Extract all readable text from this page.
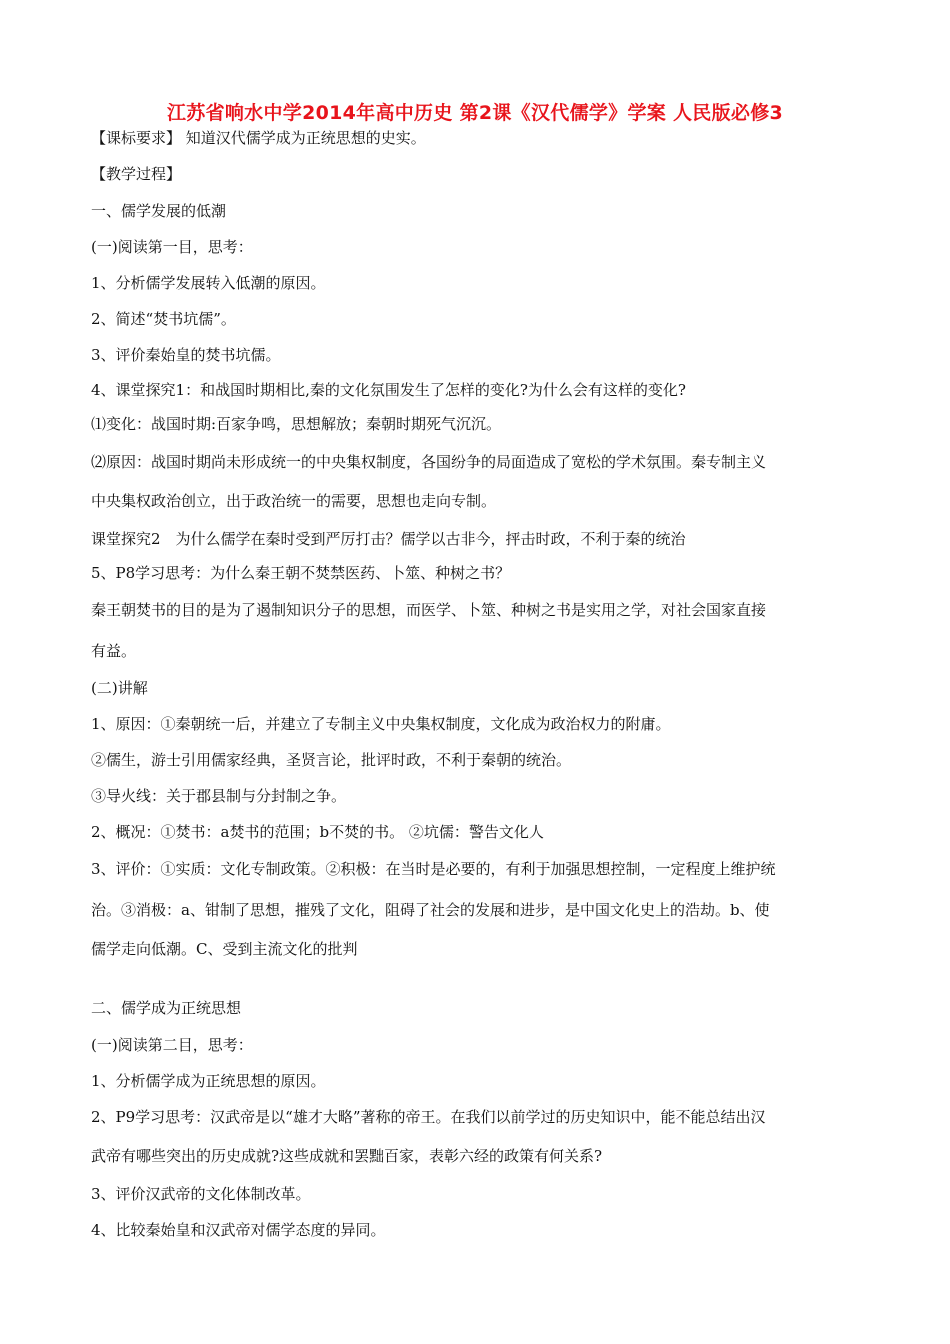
江苏省响水中学2014年高中历史 第2课《汉代儒学》学案 人民版必修3
【课标要求】 知道汉代儒学成为正统思想的史实。
【教学过程】
一、儒学发展的低潮
(一)阅读第一目，思考：
1、分析儒学发展转入低潮的原因。
2、简述“焚书坑儒”。
3、评价秦始皇的焚书坑儒。
4、课堂探究1：和战国时期相比,秦的文化氛围发生了怎样的变化?为什么会有这样的变化?
⑴变化：战国时期:百家争鸣，思想解放；秦朝时期死气沉沉。
⑵原因：战国时期尚未形成统一的中央集权制度，各国纷争的局面造成了宽松的学术氛围。秦专制主义
中央集权政治创立，出于政治统一的需要，思想也走向专制。
课堂探究2　为什么儒学在秦时受到严厉打击？儒学以古非今，抨击时政，不利于秦的统治
5、P8学习思考：为什么秦王朝不焚禁医药、卜筮、种树之书？
秦王朝焚书的目的是为了遏制知识分子的思想，而医学、卜筮、种树之书是实用之学，对社会国家直接
有益。
(二)讲解
1、原因：①秦朝统一后，并建立了专制主义中央集权制度，文化成为政治权力的附庸。
②儒生，游士引用儒家经典，圣贤言论，批评时政，不利于秦朝的统治。
③导火线：关于郡县制与分封制之争。
2、概况：①焚书：a焚书的范围；b不焚的书。 ②坑儒：警告文化人
3、评价：①实质：文化专制政策。②积极：在当时是必要的，有利于加强思想控制，一定程度上维护统
治。③消极：a、钳制了思想，摧残了文化，阻碍了社会的发展和进步，是中国文化史上的浩劫。b、使
儒学走向低潮。C、受到主流文化的批判
二、儒学成为正统思想
(一)阅读第二目，思考：
1、分析儒学成为正统思想的原因。
2、P9学习思考：汉武帝是以“雄才大略”著称的帝王。在我们以前学过的历史知识中，能不能总结出汉
武帝有哪些突出的历史成就?这些成就和罢黜百家，表彰六经的政策有何关系?
3、评价汉武帝的文化体制改革。
4、比较秦始皇和汉武帝对儒学态度的异同。
